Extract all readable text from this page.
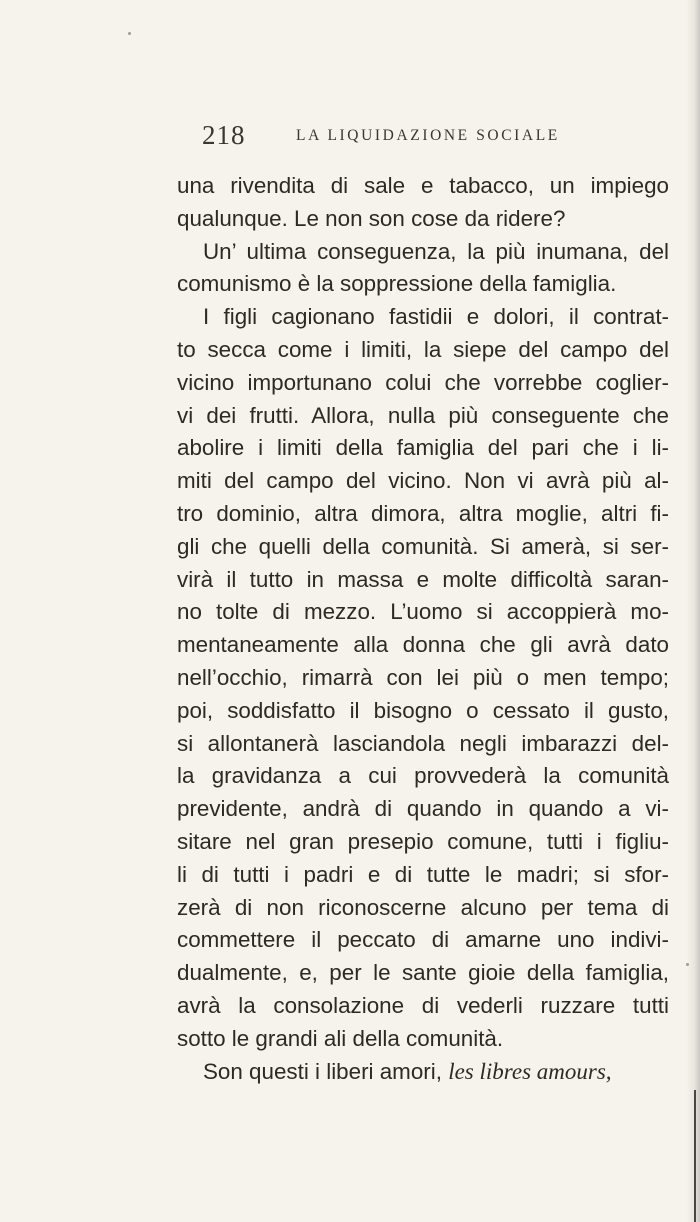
218	LA LIQUIDAZIONE SOCIALE
una rivendita di sale e tabacco, un impiego
qualunque. Le non son cose da ridere?
Un’ ultima conseguenza, la più inumana, del
comunismo è la soppressione della famiglia.
I figli cagionano fastidii e dolori, il contrat-
to secca come i limiti, la siepe del campo del
vicino importunano colui che vorrebbe coglier-
vi dei frutti. Allora, nulla più conseguente che
abolire i limiti della famiglia del pari che i li-
miti del campo del vicino. Non vi avrà più al-
tro dominio, altra dimora, altra moglie, altri fi-
gli che quelli della comunità. Si amerà, si ser-
virà il tutto in massa e molte difficoltà saran-
no tolte di mezzo. L’uomo si accoppierà mo-
mentaneamente alla donna che gli avrà dato
nell’occhio, rimarrà con lei più o men tempo;
poi, soddisfatto il bisogno o cessato il gusto,
si allontanerà lasciandola negli imbarazzi del-
la gravidanza a cui provvederà la comunità
previdente, andrà di quando in quando a vi-
sitare nel gran presepio comune, tutti i figliu-
li di tutti i padri e di tutte le madri; si sfor-
zerà di non riconoscerne alcuno per tema di
commettere il peccato di amarne uno indivi-
dualmente, e, per le sante gioie della famiglia,
avrà la consolazione di vederli ruzzare tutti
sotto le grandi ali della comunità.
Son questi i liberi amori, les libres amours,
